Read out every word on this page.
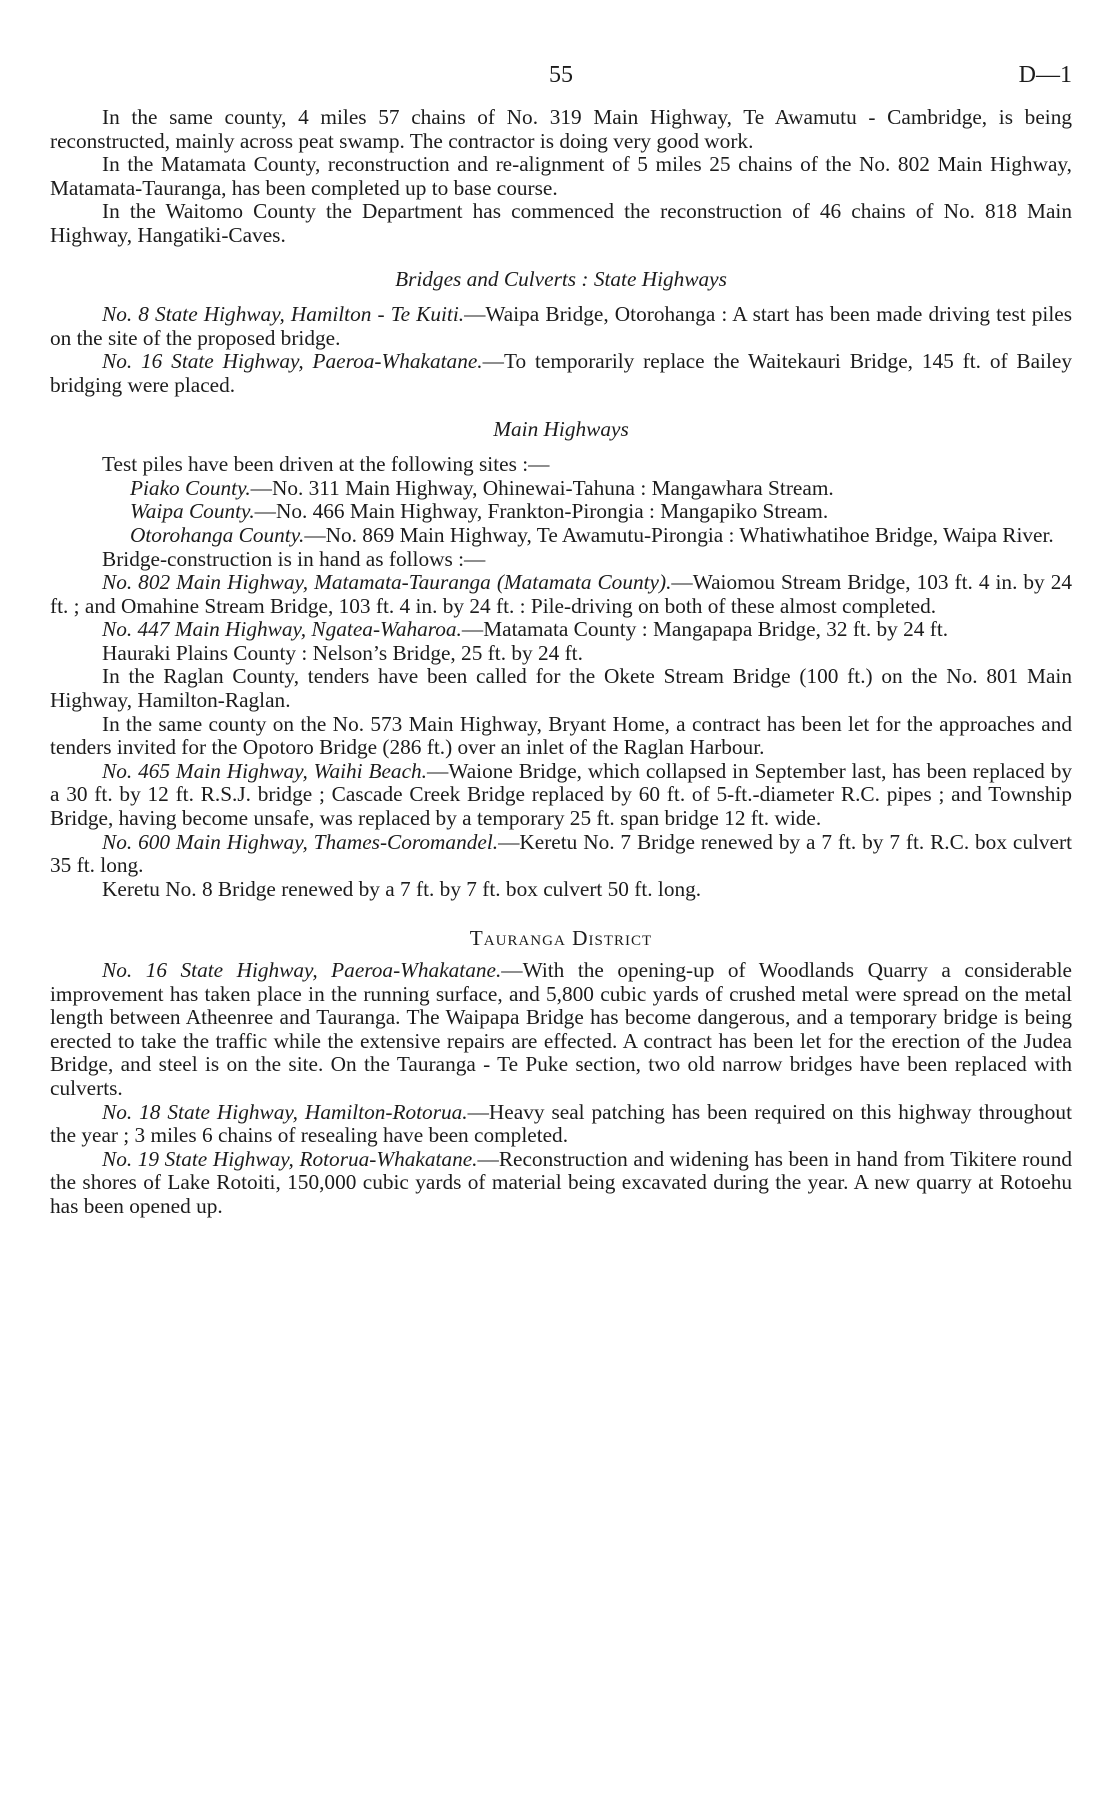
55	D—1

In the same county, 4 miles 57 chains of No. 319 Main Highway, Te Awamutu - Cambridge, is being reconstructed, mainly across peat swamp. The contractor is doing very good work.

In the Matamata County, reconstruction and re-alignment of 5 miles 25 chains of the No. 802 Main Highway, Matamata-Tauranga, has been completed up to base course.

In the Waitomo County the Department has commenced the reconstruction of 46 chains of No. 818 Main Highway, Hangatiki-Caves.

Bridges and Culverts : State Highways

No. 8 State Highway, Hamilton - Te Kuiti.—Waipa Bridge, Otorohanga : A start has been made driving test piles on the site of the proposed bridge.

No. 16 State Highway, Paeroa-Whakatane.—To temporarily replace the Waitekauri Bridge, 145 ft. of Bailey bridging were placed.

Main Highways

Test piles have been driven at the following sites :—

Piako County.—No. 311 Main Highway, Ohinewai-Tahuna : Mangawhara Stream.

Waipa County.—No. 466 Main Highway, Frankton-Pirongia : Mangapiko Stream.

Otorohanga County.—No. 869 Main Highway, Te Awamutu-Pirongia : Whatiwhatihoe Bridge, Waipa River.

Bridge-construction is in hand as follows :—

No. 802 Main Highway, Matamata-Tauranga (Matamata County).—Waiomou Stream Bridge, 103 ft. 4 in. by 24 ft. ; and Omahine Stream Bridge, 103 ft. 4 in. by 24 ft. : Pile-driving on both of these almost completed.

No. 447 Main Highway, Ngatea-Waharoa.—Matamata County : Mangapapa Bridge, 32 ft. by 24 ft.

Hauraki Plains County : Nelson’s Bridge, 25 ft. by 24 ft.

In the Raglan County, tenders have been called for the Okete Stream Bridge (100 ft.) on the No. 801 Main Highway, Hamilton-Raglan.

In the same county on the No. 573 Main Highway, Bryant Home, a contract has been let for the approaches and tenders invited for the Opotoro Bridge (286 ft.) over an inlet of the Raglan Harbour.

No. 465 Main Highway, Waihi Beach.—Waione Bridge, which collapsed in September last, has been replaced by a 30 ft. by 12 ft. R.S.J. bridge ; Cascade Creek Bridge replaced by 60 ft. of 5-ft.-diameter R.C. pipes ; and Township Bridge, having become unsafe, was replaced by a temporary 25 ft. span bridge 12 ft. wide.

No. 600 Main Highway, Thames-Coromandel.—Keretu No. 7 Bridge renewed by a 7 ft. by 7 ft. R.C. box culvert 35 ft. long.

Keretu No. 8 Bridge renewed by a 7 ft. by 7 ft. box culvert 50 ft. long.

Tauranga District

No. 16 State Highway, Paeroa-Whakatane.—With the opening-up of Woodlands Quarry a considerable improvement has taken place in the running surface, and 5,800 cubic yards of crushed metal were spread on the metal length between Atheenree and Tauranga. The Waipapa Bridge has become dangerous, and a temporary bridge is being erected to take the traffic while the extensive repairs are effected. A contract has been let for the erection of the Judea Bridge, and steel is on the site. On the Tauranga - Te Puke section, two old narrow bridges have been replaced with culverts.

No. 18 State Highway, Hamilton-Rotorua.—Heavy seal patching has been required on this highway throughout the year ; 3 miles 6 chains of resealing have been completed.

No. 19 State Highway, Rotorua-Whakatane.—Reconstruction and widening has been in hand from Tikitere round the shores of Lake Rotoiti, 150,000 cubic yards of material being excavated during the year. A new quarry at Rotoehu has been opened up.
